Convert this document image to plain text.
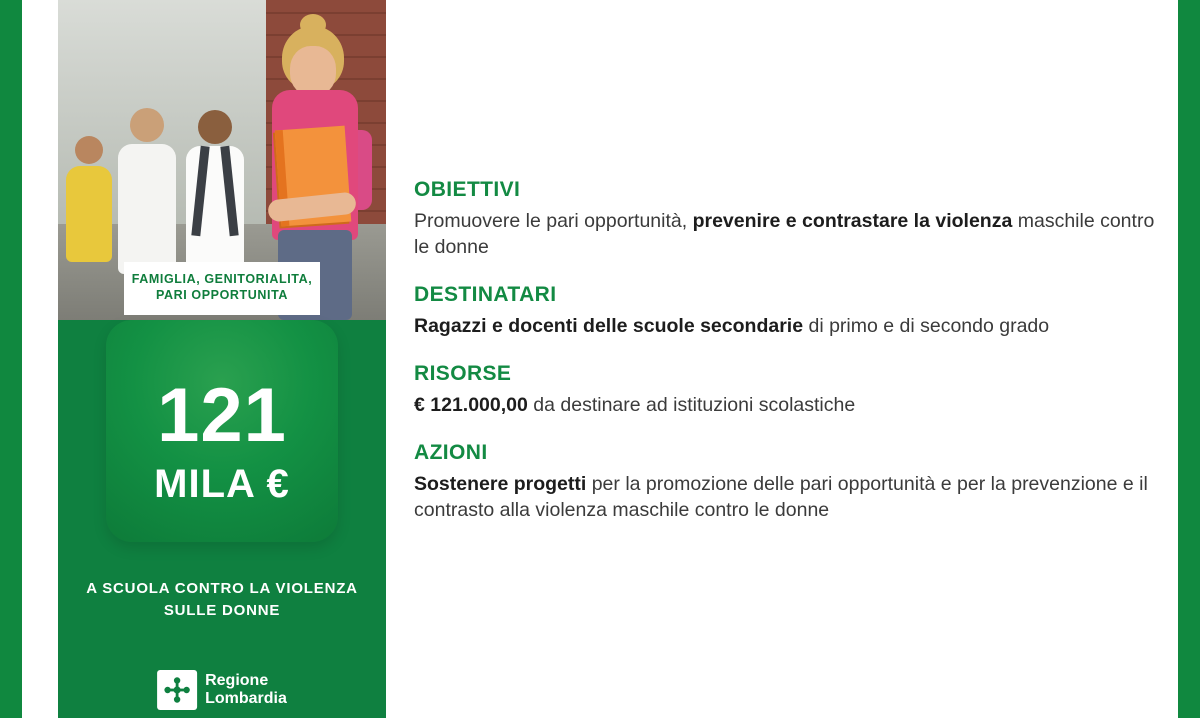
FAMIGLIA, GENITORIALITA, PARI OPPORTUNITA
121
MILA €
A SCUOLA CONTRO LA VIOLENZA SULLE DONNE
Regione
Lombardia
OBIETTIVI
Promuovere le pari opportunità, prevenire e contrastare la violenza maschile contro le donne
DESTINATARI
Ragazzi e docenti delle scuole secondarie di primo e di secondo grado
RISORSE
€ 121.000,00 da destinare ad istituzioni scolastiche
AZIONI
Sostenere progetti per la promozione delle pari opportunità e per la prevenzione e il contrasto alla violenza maschile contro le donne
